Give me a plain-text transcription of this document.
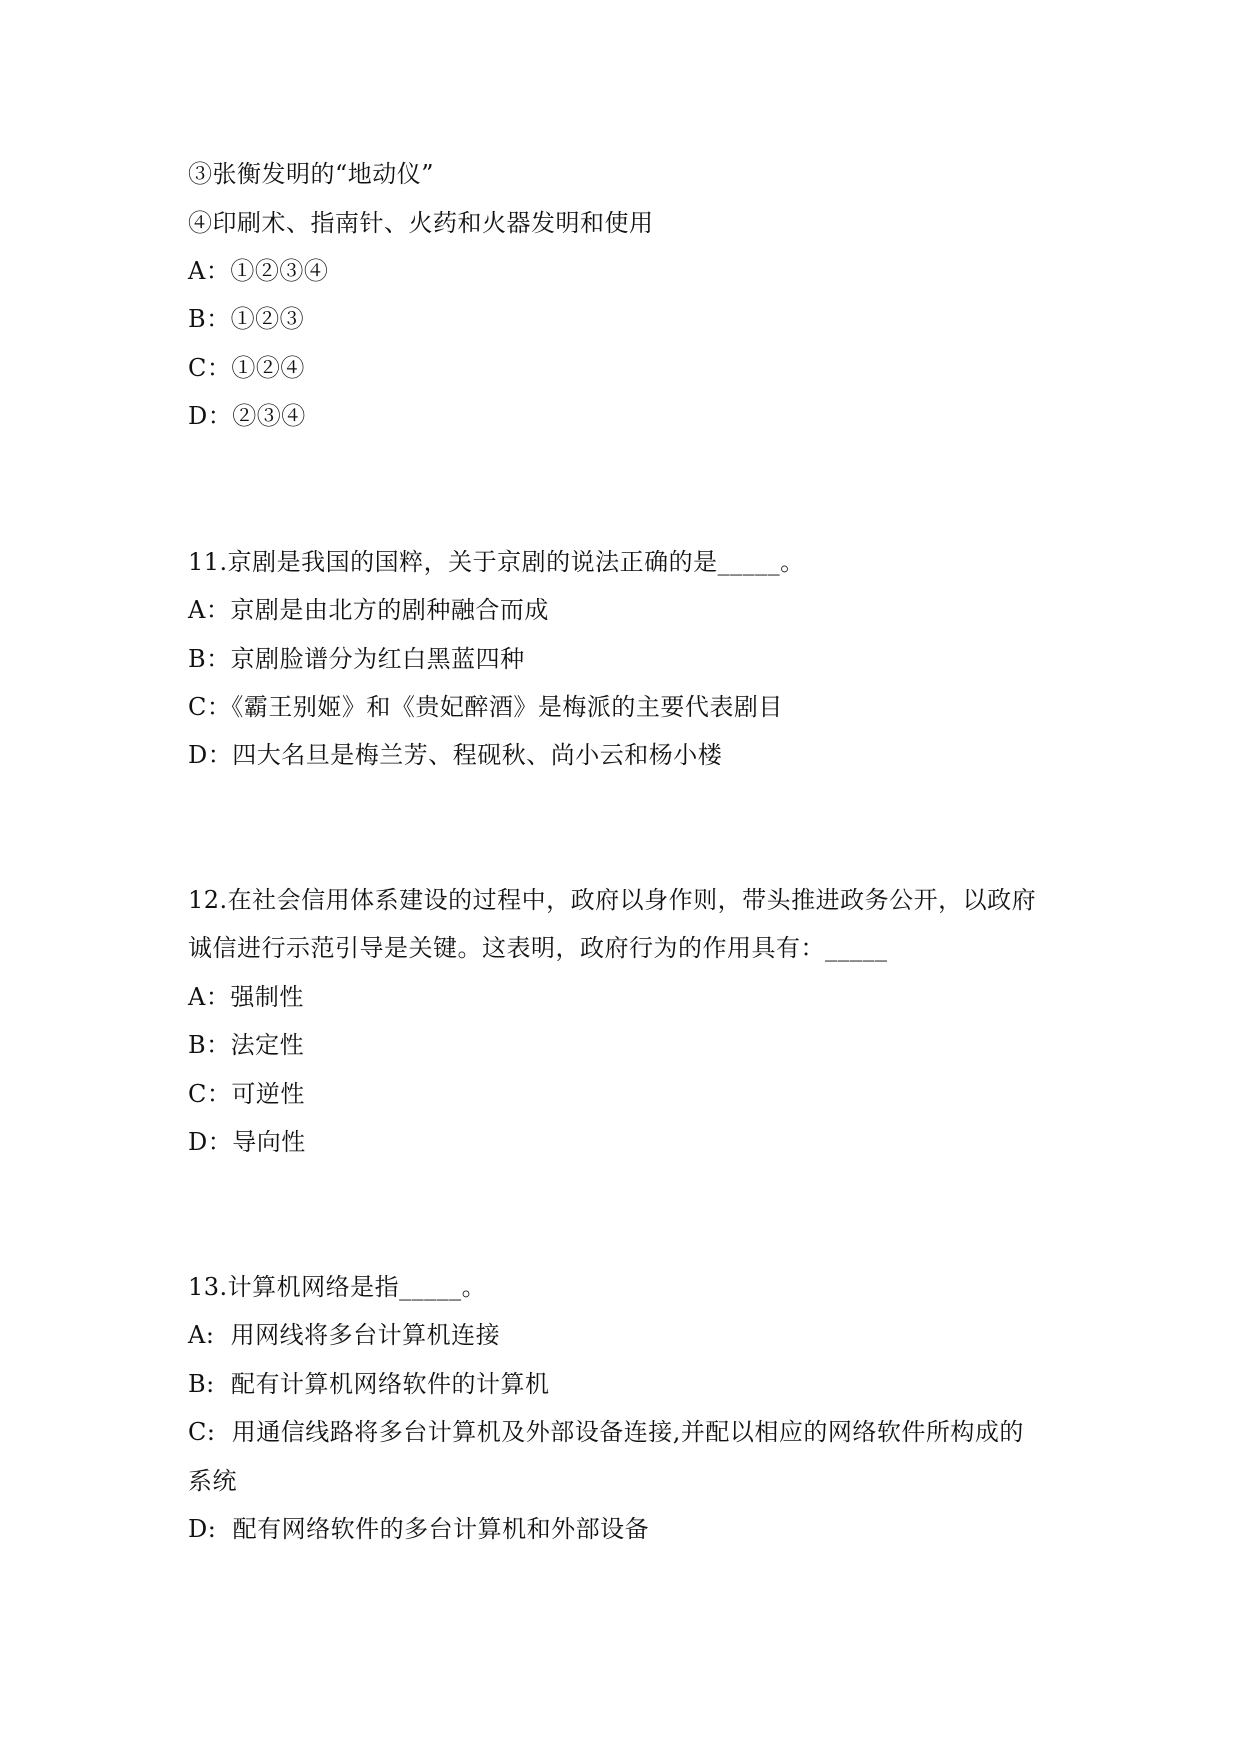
③张衡发明的“地动仪”
④印刷术、指南针、火药和火器发明和使用
A：①②③④
B：①②③
C：①②④
D：②③④
11.京剧是我国的国粹，关于京剧的说法正确的是_____。
A：京剧是由北方的剧种融合而成
B：京剧脸谱分为红白黑蓝四种
C：《霸王别姬》和《贵妃醉酒》是梅派的主要代表剧目
D：四大名旦是梅兰芳、程砚秋、尚小云和杨小楼
12.在社会信用体系建设的过程中，政府以身作则，带头推进政务公开，以政府
诚信进行示范引导是关键。这表明，政府行为的作用具有：_____
A：强制性
B：法定性
C：可逆性
D：导向性
13.计算机网络是指_____。
A:  用网线将多台计算机连接
B:  配有计算机网络软件的计算机
C:  用通信线路将多台计算机及外部设备连接,并配以相应的网络软件所构成的
系统
D:  配有网络软件的多台计算机和外部设备
